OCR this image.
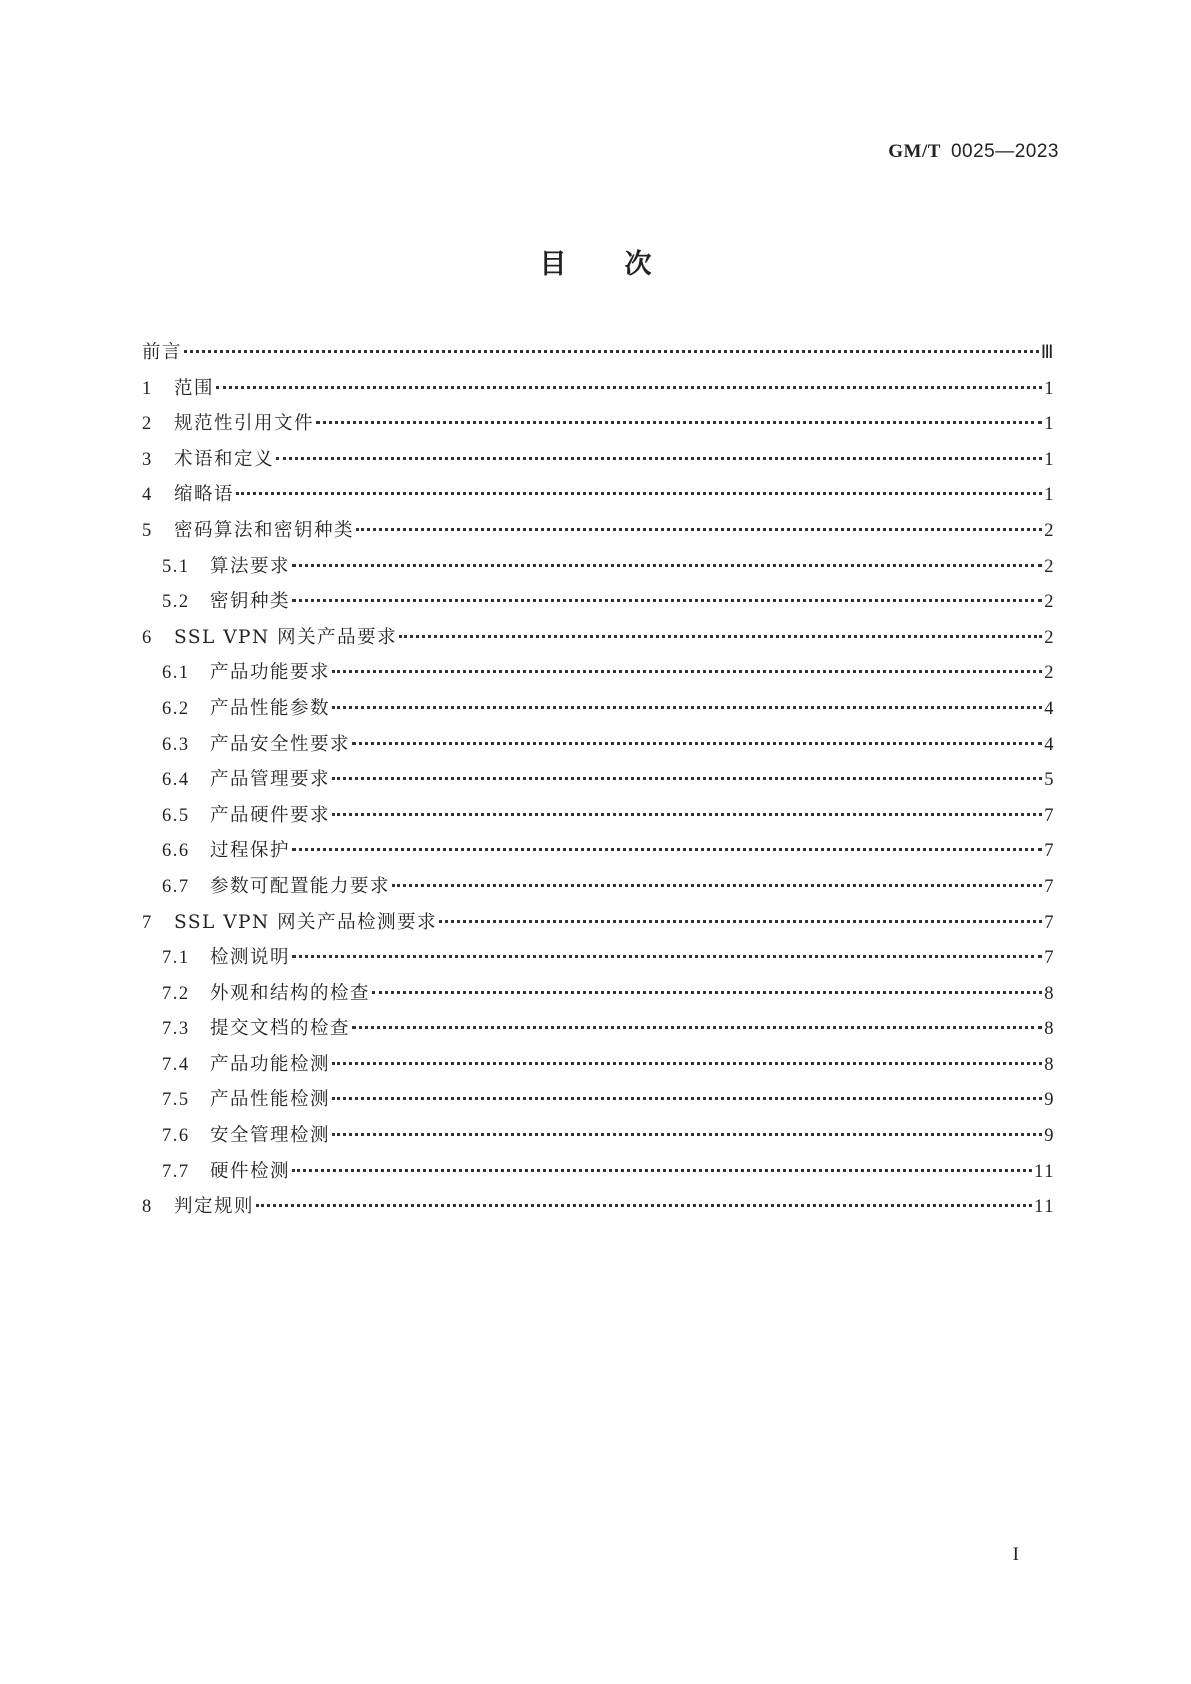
GM/T 0025—2023
目次
前言	Ⅲ
1	范围	1
2	规范性引用文件	1
3	术语和定义	1
4	缩略语	1
5	密码算法和密钥种类	2
5.1	算法要求	2
5.2	密钥种类	2
6	SSL VPN 网关产品要求	2
6.1	产品功能要求	2
6.2	产品性能参数	4
6.3	产品安全性要求	4
6.4	产品管理要求	5
6.5	产品硬件要求	7
6.6	过程保护	7
6.7	参数可配置能力要求	7
7	SSL VPN 网关产品检测要求	7
7.1	检测说明	7
7.2	外观和结构的检查	8
7.3	提交文档的检查	8
7.4	产品功能检测	8
7.5	产品性能检测	9
7.6	安全管理检测	9
7.7	硬件检测	11
8	判定规则	11
I
